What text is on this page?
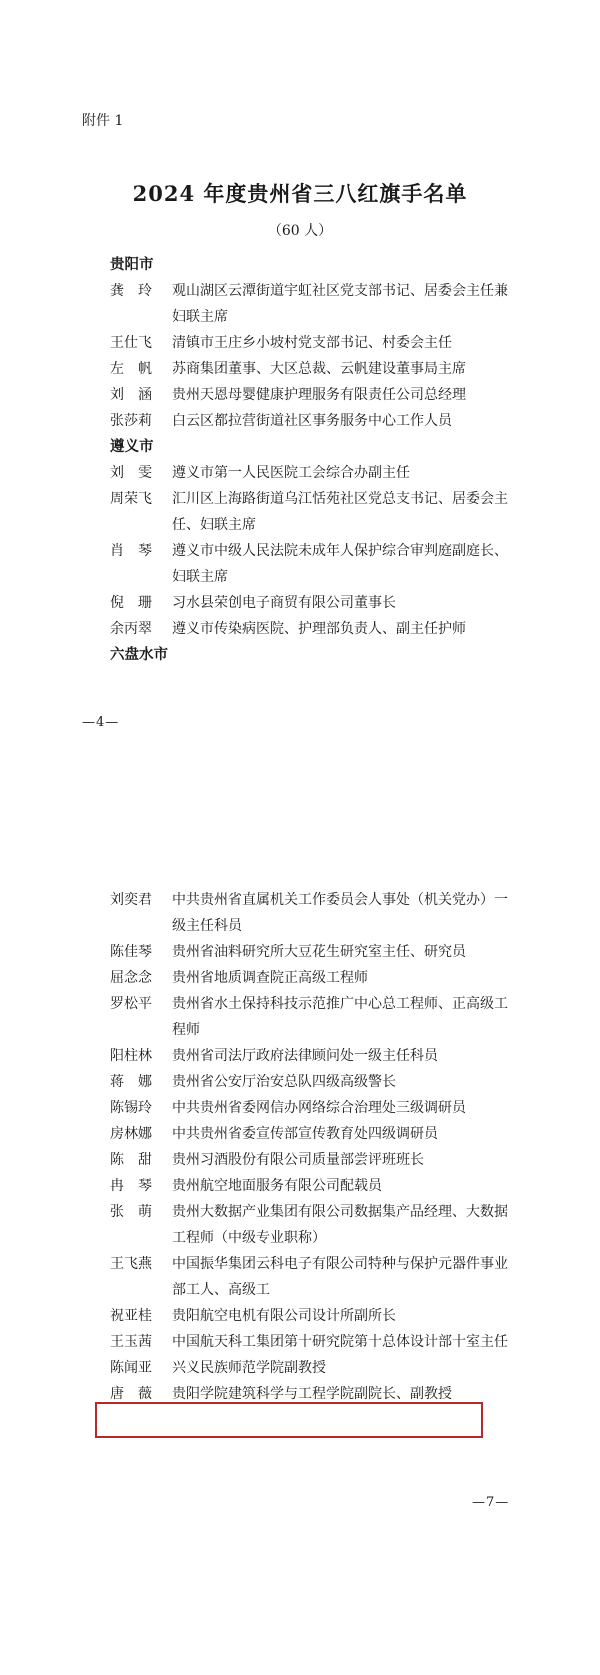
附件 1
2024 年度贵州省三八红旗手名单
（60 人）
贵阳市
龚　玲	观山湖区云潭街道宇虹社区党支部书记、居委会主任兼妇联主席
王仕飞	清镇市王庄乡小坡村党支部书记、村委会主任
左　帆	苏商集团董事、大区总裁、云帆建设董事局主席
刘　涵	贵州天恩母婴健康护理服务有限责任公司总经理
张莎莉	白云区都拉营街道社区事务服务中心工作人员
遵义市
刘　雯	遵义市第一人民医院工会综合办副主任
周荣飞	汇川区上海路街道乌江恬苑社区党总支书记、居委会主任、妇联主席
肖　琴	遵义市中级人民法院未成年人保护综合审判庭副庭长、妇联主席
倪　珊	习水县荣创电子商贸有限公司董事长
余丙翠	遵义市传染病医院、护理部负责人、副主任护师
六盘水市
—4—
刘奕君	中共贵州省直属机关工作委员会人事处（机关党办）一级主任科员
陈佳琴	贵州省油料研究所大豆花生研究室主任、研究员
屈念念	贵州省地质调查院正高级工程师
罗松平	贵州省水土保持科技示范推广中心总工程师、正高级工程师
阳柱林	贵州省司法厅政府法律顾问处一级主任科员
蒋　娜	贵州省公安厅治安总队四级高级警长
陈锡玲	中共贵州省委网信办网络综合治理处三级调研员
房林娜	中共贵州省委宣传部宣传教育处四级调研员
陈　甜	贵州习酒股份有限公司质量部尝评班班长
冉　琴	贵州航空地面服务有限公司配载员
张　萌	贵州大数据产业集团有限公司数据集产品经理、大数据工程师（中级专业职称）
王飞燕	中国振华集团云科电子有限公司特种与保护元器件事业部工人、高级工
祝亚桂	贵阳航空电机有限公司设计所副所长
王玉茜	中国航天科工集团第十研究院第十总体设计部十室主任
陈闻亚	兴义民族师范学院副教授
唐　薇	贵阳学院建筑科学与工程学院副院长、副教授
—7—
